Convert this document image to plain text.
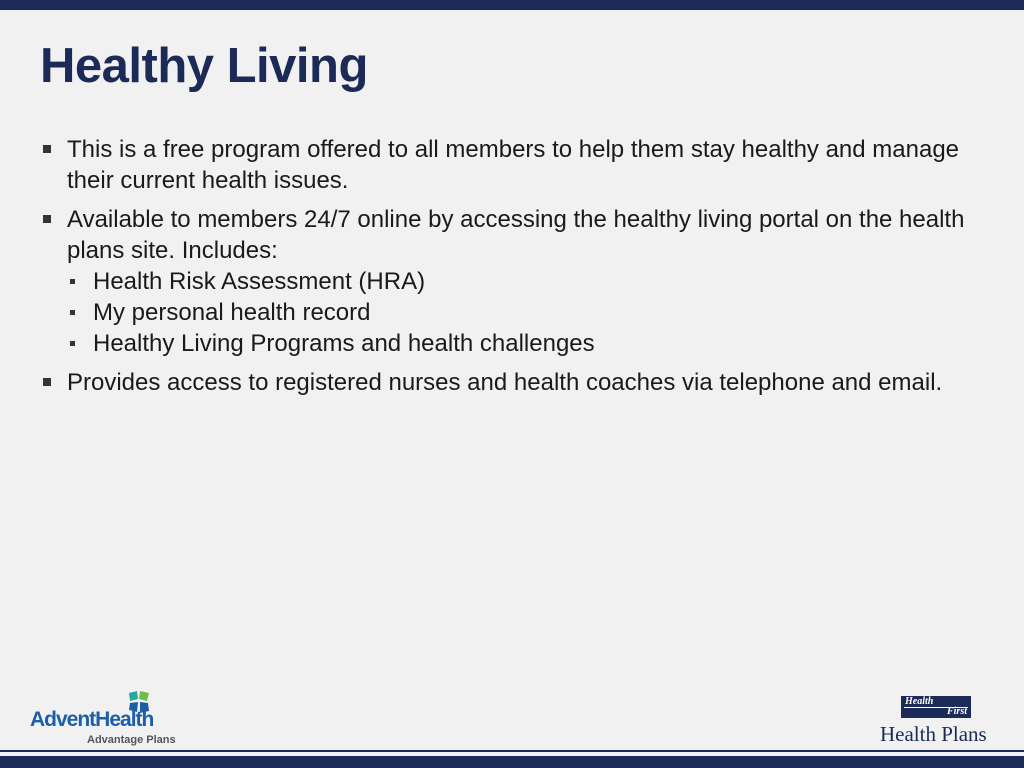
Healthy Living
This is a free program offered to all members to help them stay healthy and manage their current health issues.
Available to members 24/7 online by accessing the healthy living portal on the health plans site. Includes:
Health Risk Assessment (HRA)
My personal health record
Healthy Living Programs and health challenges
Provides access to registered nurses and health coaches via telephone and email.
AdventHealth
Advantage Plans
Health
First
Health Plans
